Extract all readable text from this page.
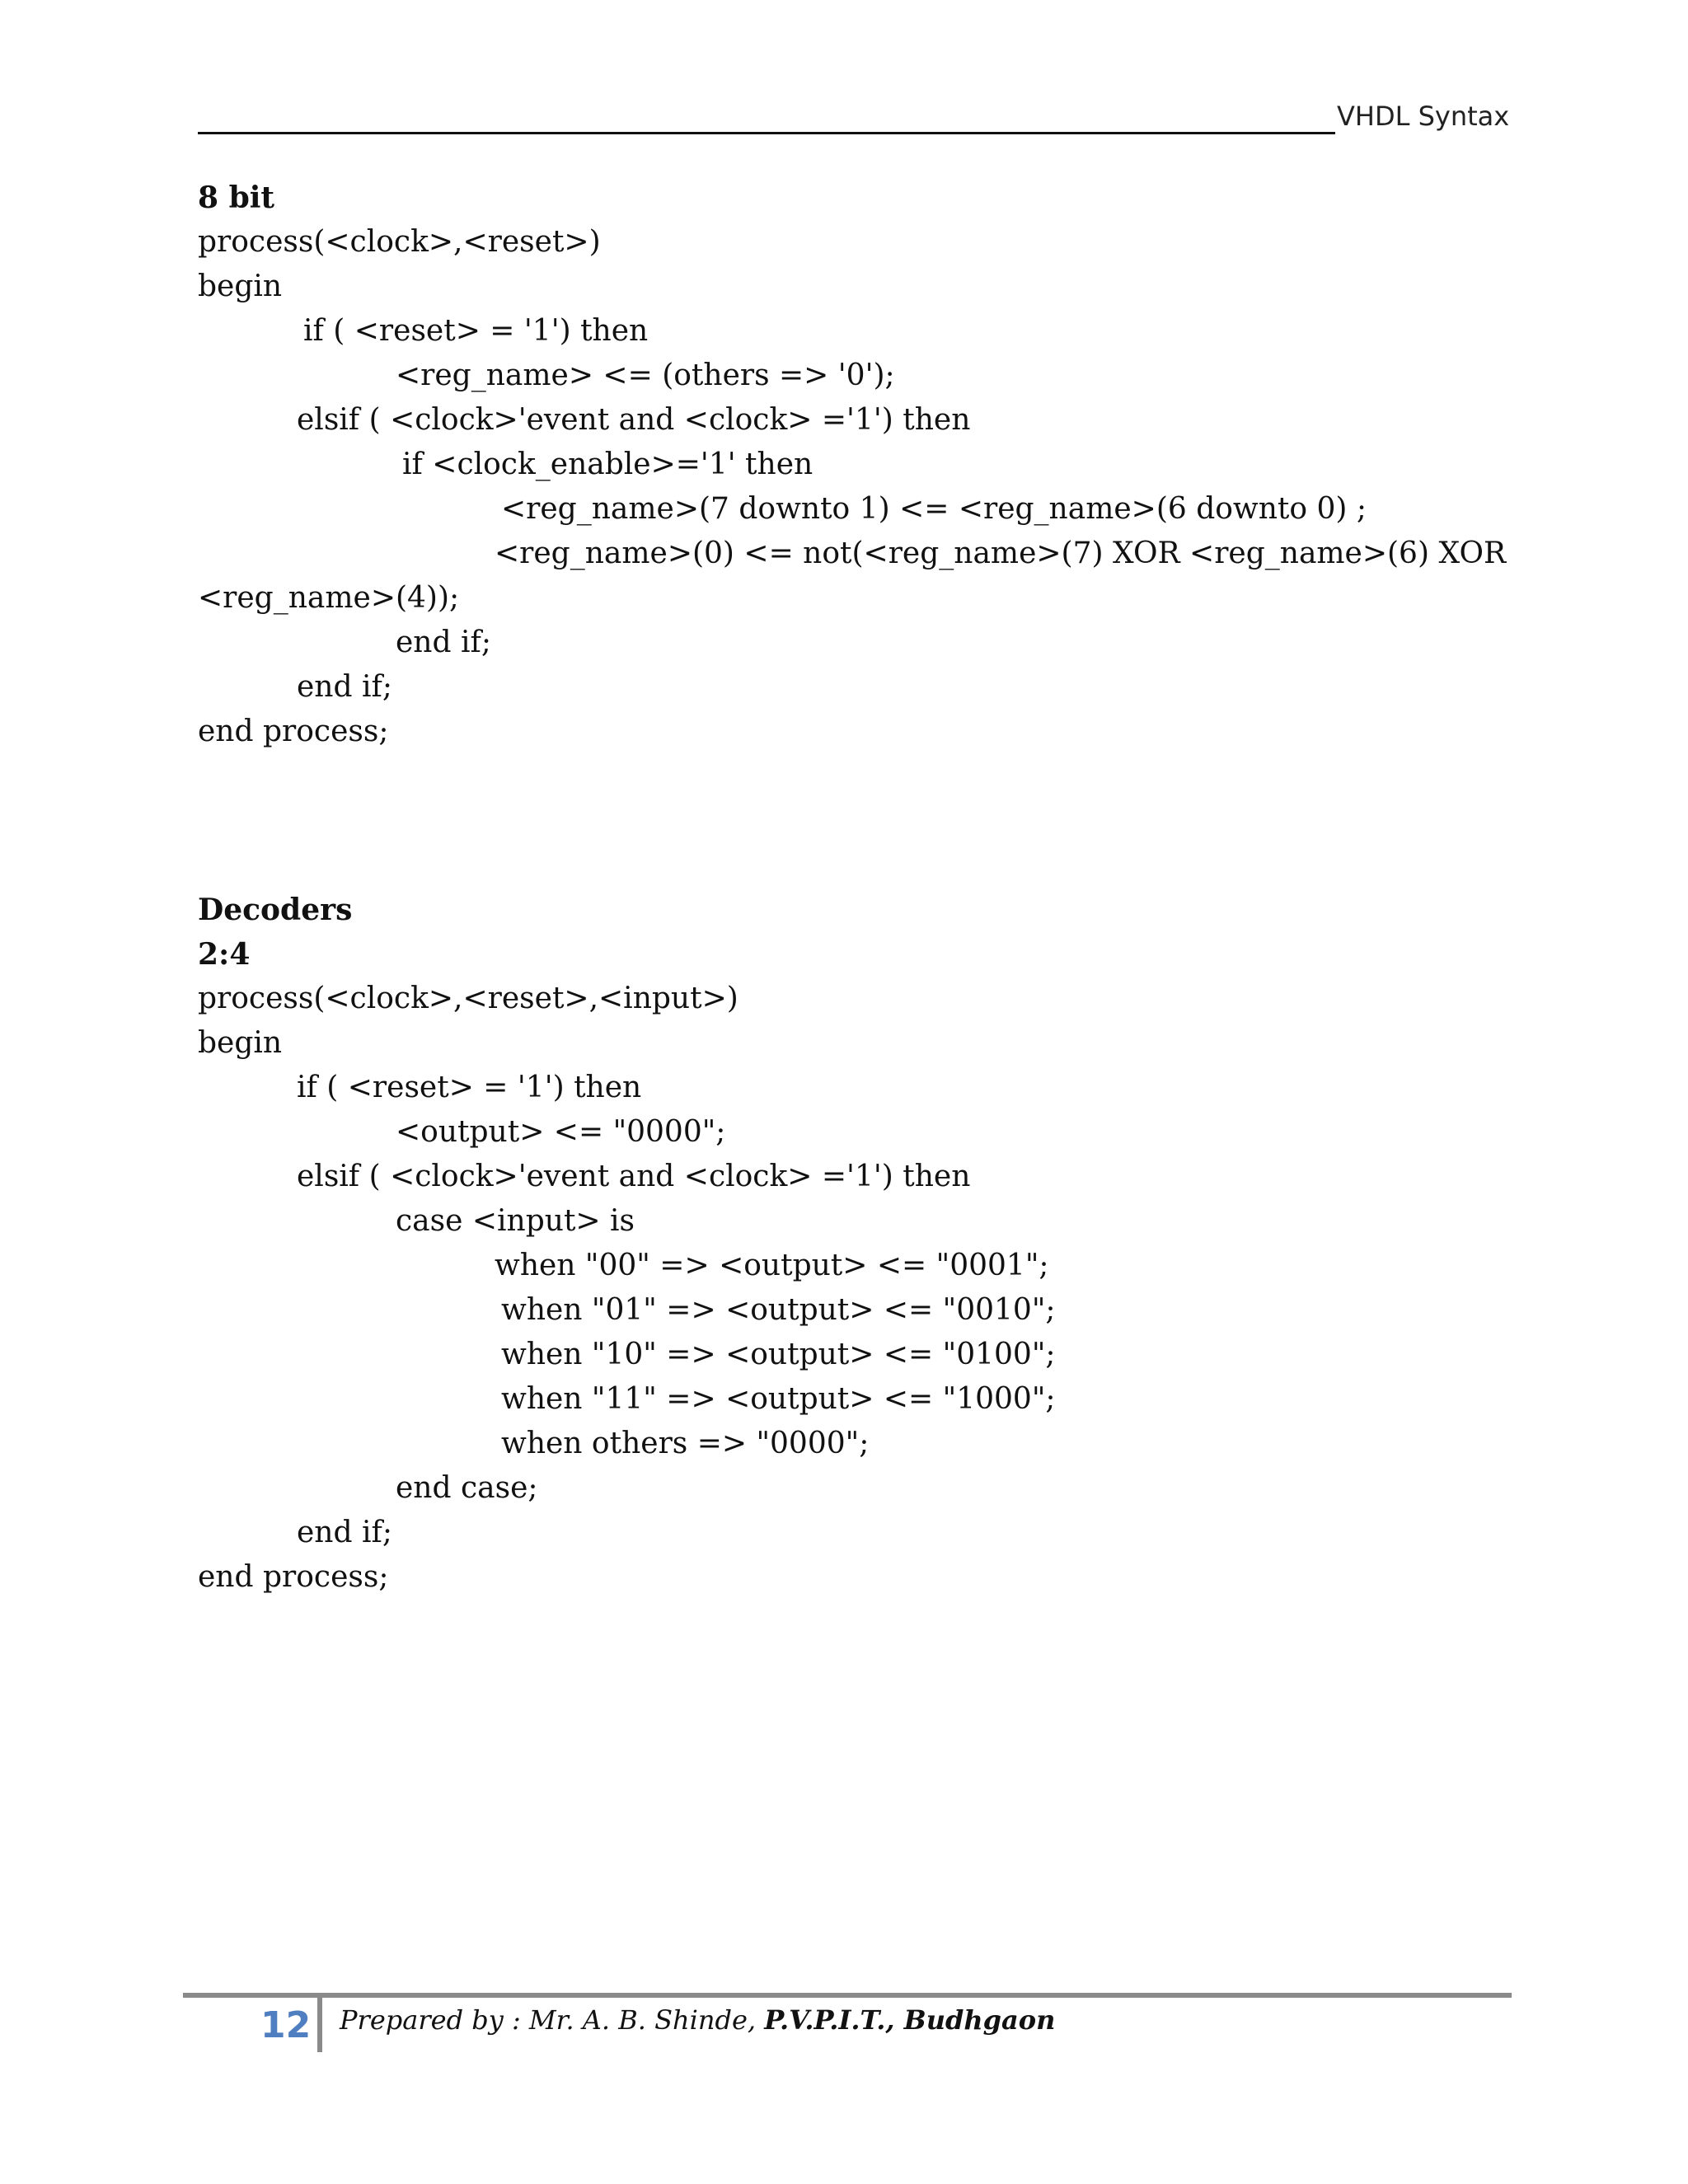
VHDL Syntax
8 bit
process(<clock>,<reset>)
begin
if ( <reset> = '1') then
<reg_name> <= (others => '0');
elsif ( <clock>'event and <clock> ='1') then
if <clock_enable>='1' then
<reg_name>(7 downto 1) <= <reg_name>(6 downto 0) ;
<reg_name>(0) <= not(<reg_name>(7) XOR <reg_name>(6) XOR
<reg_name>(4));
end if;
end if;
end process;
Decoders
2:4
process(<clock>,<reset>,<input>)
begin
if ( <reset> = '1') then
<output> <= "0000";
elsif ( <clock>'event and <clock> ='1') then
case <input> is
when "00" => <output> <= "0001";
when "01" => <output> <= "0010";
when "10" => <output> <= "0100";
when "11" => <output> <= "1000";
when others => "0000";
end case;
end if;
end process;
12 Prepared by : Mr. A. B. Shinde, P.V.P.I.T., Budhgaon
